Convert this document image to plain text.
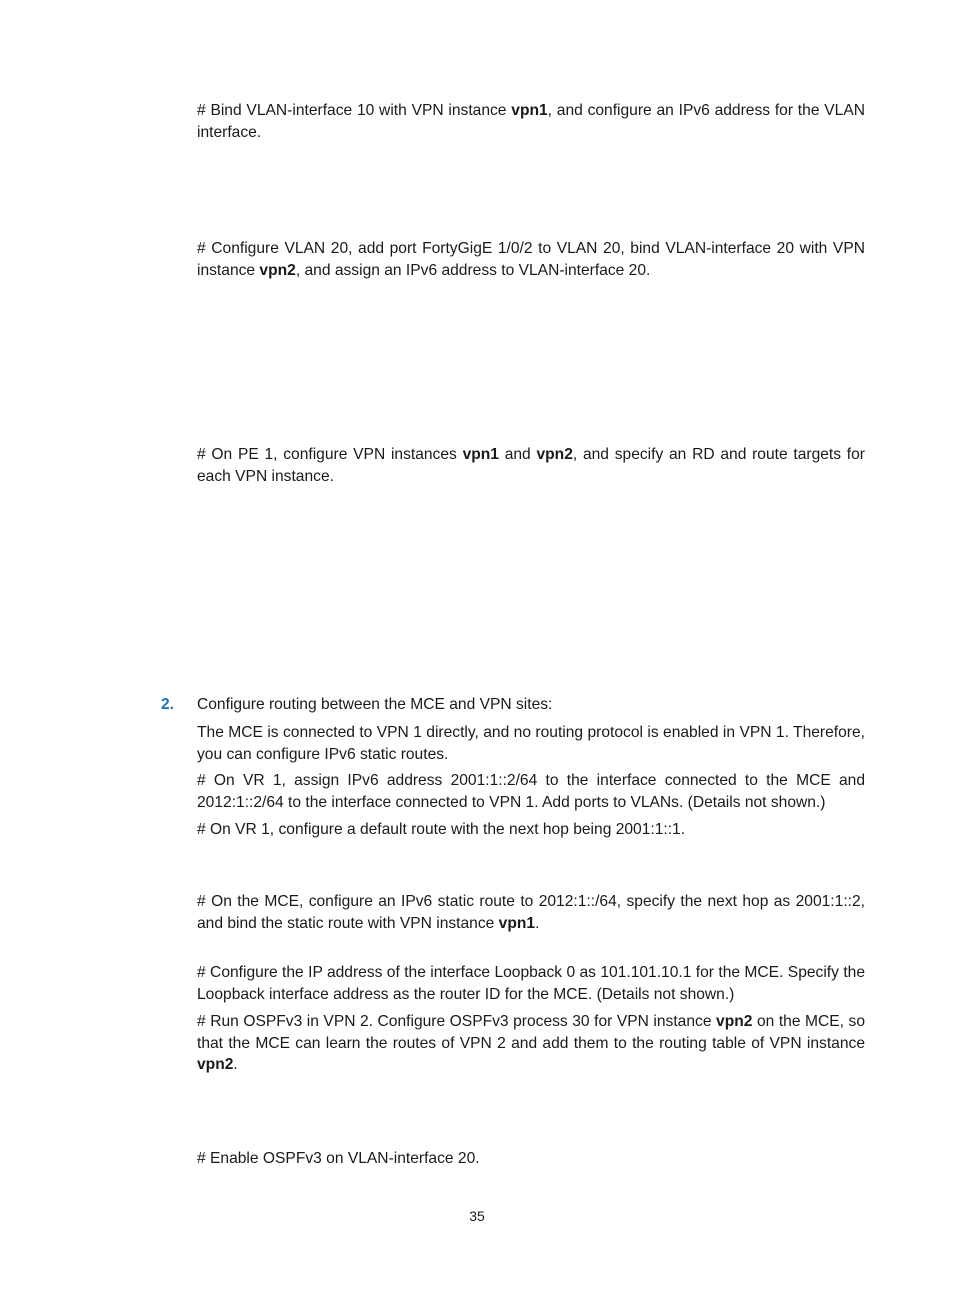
# Bind VLAN-interface 10 with VPN instance vpn1, and configure an IPv6 address for the VLAN interface.

# Configure VLAN 20, add port FortyGigE 1/0/2 to VLAN 20, bind VLAN-interface 20 with VPN instance vpn2, and assign an IPv6 address to VLAN-interface 20.

# On PE 1, configure VPN instances vpn1 and vpn2, and specify an RD and route targets for each VPN instance.

2. Configure routing between the MCE and VPN sites:

The MCE is connected to VPN 1 directly, and no routing protocol is enabled in VPN 1. Therefore, you can configure IPv6 static routes.

# On VR 1, assign IPv6 address 2001:1::2/64 to the interface connected to the MCE and 2012:1::2/64 to the interface connected to VPN 1. Add ports to VLANs. (Details not shown.)

# On VR 1, configure a default route with the next hop being 2001:1::1.

# On the MCE, configure an IPv6 static route to 2012:1::/64, specify the next hop as 2001:1::2, and bind the static route with VPN instance vpn1.

# Configure the IP address of the interface Loopback 0 as 101.101.10.1 for the MCE. Specify the Loopback interface address as the router ID for the MCE. (Details not shown.)

# Run OSPFv3 in VPN 2. Configure OSPFv3 process 30 for VPN instance vpn2 on the MCE, so that the MCE can learn the routes of VPN 2 and add them to the routing table of VPN instance vpn2.

# Enable OSPFv3 on VLAN-interface 20.

35
